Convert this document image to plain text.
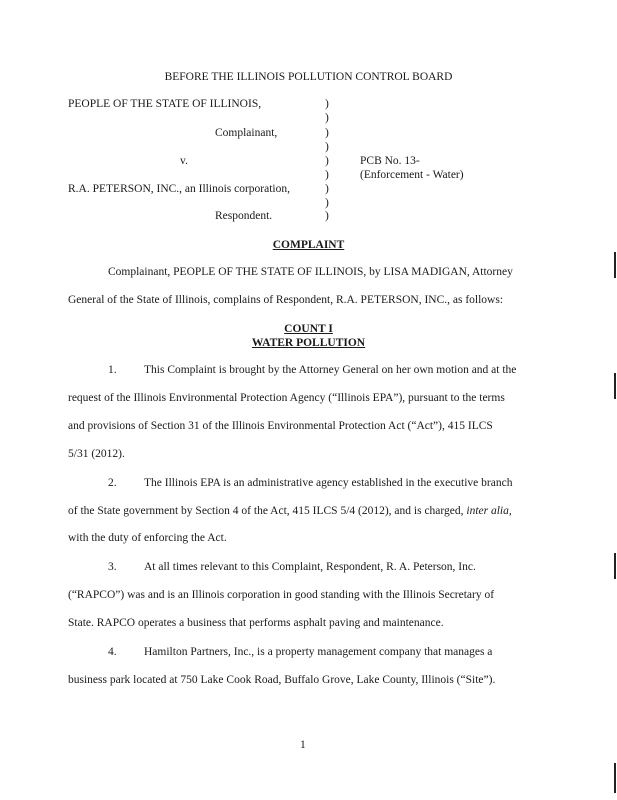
BEFORE THE ILLINOIS POLLUTION CONTROL BOARD
PEOPLE OF THE STATE OF ILLINOIS,
Complainant,
v.
R.A. PETERSON, INC., an Illinois corporation,
Respondent.
)
)
)
)
)
)
)
)
)
PCB No. 13-
(Enforcement - Water)
COMPLAINT
Complainant, PEOPLE OF THE STATE OF ILLINOIS, by LISA MADIGAN, Attorney
General of the State of Illinois, complains of Respondent, R.A. PETERSON, INC., as follows:
COUNT I
WATER POLLUTION
1. This Complaint is brought by the Attorney General on her own motion and at the
request of the Illinois Environmental Protection Agency (“Illinois EPA”), pursuant to the terms
and provisions of Section 31 of the Illinois Environmental Protection Act (“Act”), 415 ILCS
5/31 (2012).
2. The Illinois EPA is an administrative agency established in the executive branch
of the State government by Section 4 of the Act, 415 ILCS 5/4 (2012), and is charged, inter alia,
with the duty of enforcing the Act.
3. At all times relevant to this Complaint, Respondent, R. A. Peterson, Inc.
(“RAPCO”) was and is an Illinois corporation in good standing with the Illinois Secretary of
State. RAPCO operates a business that performs asphalt paving and maintenance.
4. Hamilton Partners, Inc., is a property management company that manages a
business park located at 750 Lake Cook Road, Buffalo Grove, Lake County, Illinois (“Site”).
1
